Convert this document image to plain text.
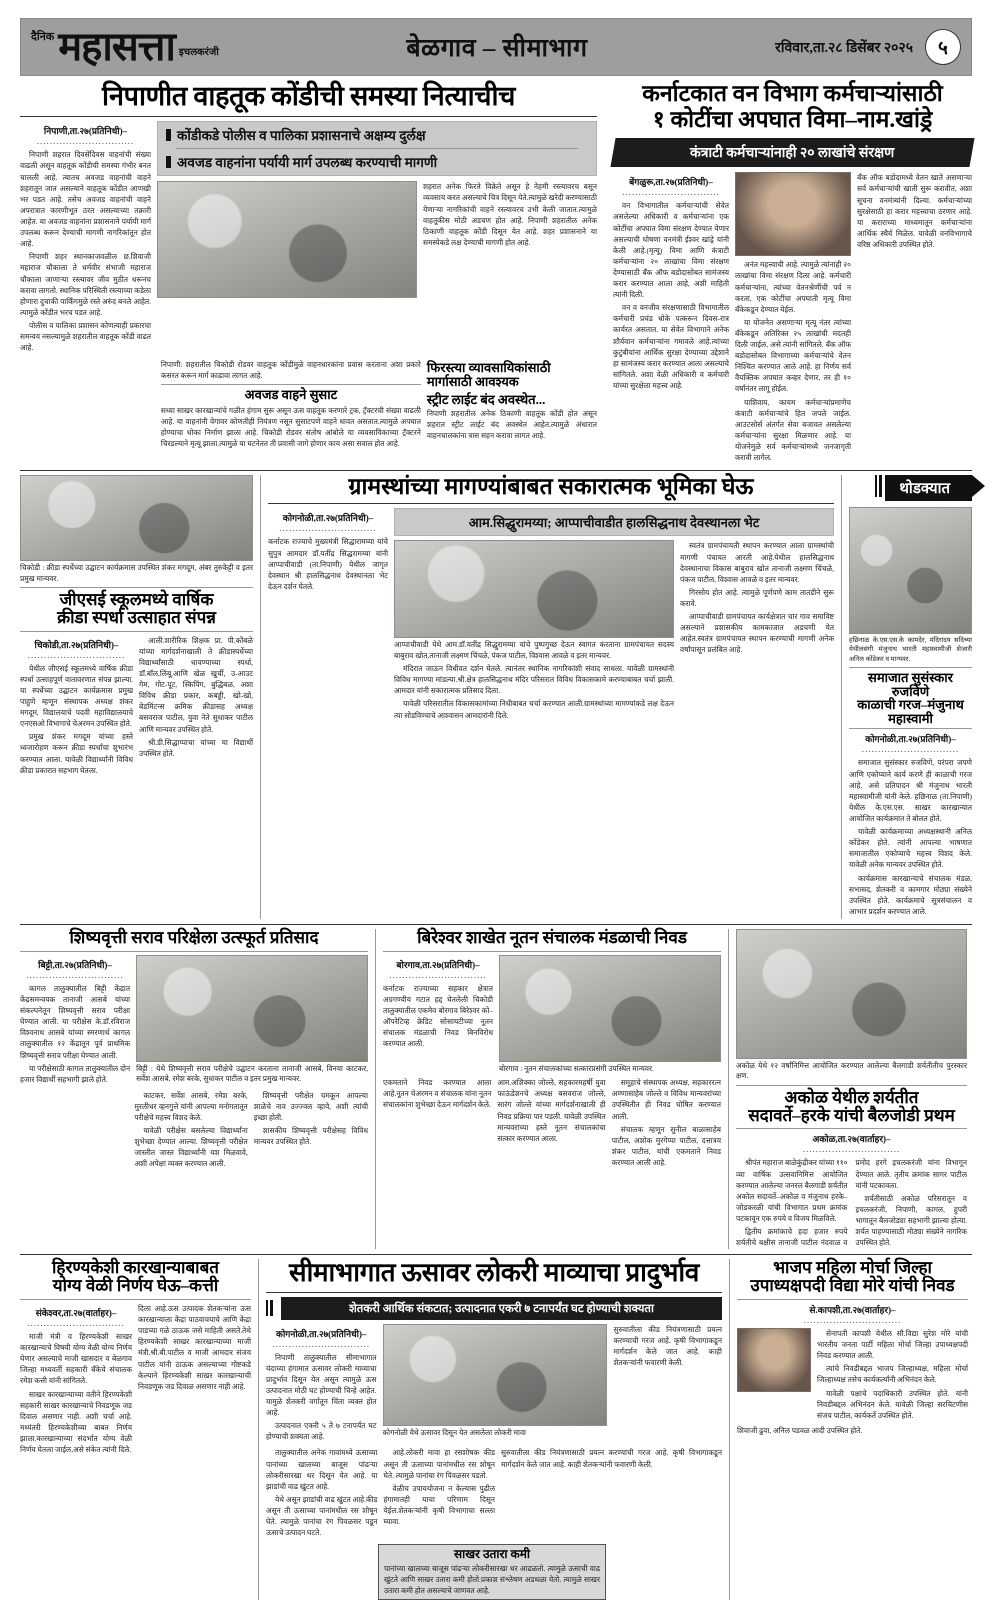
दैनिक महासत्ता इचलकरंजी	बेळगाव – सीमाभाग	रविवार,ता.२८ डिसेंबर २०२५	५
निपाणीत वाहतूक कोंडीची समस्या नित्याचीच
निपाणी,ता.२७(प्रतिनिधी)–
..............................

निपाणी शहरात दिवसेंदिवस वाहनांची संख्या वाढली असून वाहतूक कोंडीची समस्या गंभीर बनत चालली आहे. त्यातच अवजड वाहनांची वाहने शहरातून जात असल्याने वाहतूक कोंडीत आणखी भर पडत आहे. तसेच अवजड वाहनांची वाहने अपरात्रात कारणीभूत ठरत असल्याच्या तक्रारी आहेत. या अवजड वाहनांना प्रशासनाने पर्यायी मार्ग उपलब्ध करून देण्याची मागणी नागरिकांतून होत आहे.

निपाणी शहर स्थानकाजवळील छ.शिवाजी महाराज चौकाला ते धर्मवीर संभाजी महाराज चौकाला जाणाऱ्या रस्त्यावर जीव मुठीत धरूनच करावा लागतो. स्थानिक परिस्थिती रस्त्याच्या कडेला होणारा दुचाकी पार्किंगमुळे रस्ते अरुंद बनले आहेत. त्यामुळे कोंडीत भरच पडत आहे.

पोलीस व पालिका प्रशासन कोणत्याही प्रकारचा समन्वय नसल्यामुळे शहरातील वाहतूक कोंडी वाढत आहे.

कोंडीकडे पोलीस व पालिका प्रशासनाचे अक्षम्य दुर्लक्ष
अवजड वाहनांना पर्यायी मार्ग उपलब्ध करण्याची मागणी
शहरात अनेक फिरते विक्रेते असून हे नेहमी रस्त्यावरच बसून व्यवसाय करत असल्याचे चित्र दिसून येते.त्यामुळे खरेदी करण्यासाठी येणाऱ्या नागरिकांची वाहने रस्त्यावरच उभी केली जातात.त्यामुळे वाहतूकीस मोठी अडचण होत आहे. निपाणी शहरातील अनेक ठिकाणी वाहतूक कोंडी दिसून येत आहे. शहर प्रशासनाने या समस्येकडे लक्ष देण्याची मागणी होत आहे.
निपाणी: शहरातील चिकोडी रोडवर वाहतूक कोंडीमुळे वाहनधारकांना प्रवास करताना अशा प्रकारे कसरत करून मार्ग काढावा लागत आहे.
अवजड वाहने सुसाट
सध्या साखर कारखान्यांचे गळीत हंगाम सुरू असून ऊस वाहतूक करणारे ट्रक, ट्रॅक्टरची संख्या वाढली आहे. या वाहनांनी वेगावर कोणतीही नियंत्रण नसून सुसाटपणे वाहने धावत असतात.त्यामुळे अपघात होण्याचा धोका निर्माण झाला आहे. चिकोडी रोडवर संतोष आंबोले या व्यवसायिकाच्या ट्रॅक्टरने चिरडल्याने मृत्यू झाला.त्यामुळे या घटनेतत ती प्रवासी जागे होणार काय असा सवाल होत आहे.
फिरस्त्या व्यावसायिकांसाठी मार्गासाठी आवश्यक
स्ट्रीट लाईट बंद अवस्थेत...
निपाणी शहरातील अनेक ठिकाणी वाहतूक कोंडी होत असून शहरात स्ट्रीट लाईट बंद अवस्थेत आहेत.त्यामुळे अंधारात वाहनचालकांना त्रास सहन करावा लागत आहे.
कर्नाटकात वन विभाग कर्मचाऱ्यांसाठी
१ कोटींचा अपघात विमा–नाम.खांड्रे
कंत्राटी कर्मचाऱ्यांनाही २० लाखांचे संरक्षण
बेंगळुरू,ता.२७(प्रतिनिधी)–
..............................

वन विभागातील कर्मचाऱ्यांची सेवेत असलेल्या अधिकारी व कर्मचाऱ्यांना एक कोटींचा अपघात विमा संरक्षण देण्यात येणार असल्याची घोषणा वनमंत्री ईश्वर खांड्रे यांनी केली आहे.(मृत्यू) विमा आणि कंत्राटी कर्मचाऱ्यांना २० लाखांचा विमा संरक्षण देण्यासाठी बँक ऑफ बडोदासोबत सामंजस्य करार करण्यात आला आहे, अशी माहिती त्यांनी दिली.

वन व वनजीव संरक्षणासाठी विभागातील कर्मचारी प्रचंड धोके पत्करून दिवस-रात्र कार्यरत असतात. या सेवेत विभागाने अनेक शौर्यवान कर्मचाऱ्यांना गमावले आहे.त्यांच्या कुटुंबीयांना आर्थिक सुरक्षा देण्याच्या उद्देशाने हा सामंजस्य करार करण्यात आला असल्याचे सांगितले. अशा वेळी अधिकारी व कर्मचारी यांच्या सुरक्षेला महत्त्व आहे.

अनंत महत्त्वाची आहे. त्यामुळे त्यांनाही २० लाखांचा विमा संरक्षण दिला आहे. कर्मचारी कर्मचाऱ्यांना, त्यांच्या वेतनश्रेणींची पर्व न करता, एक कोटींचा अपघाती मृत्यू विमा बँकेकडून देण्यात येईल.

या योजनेत असणाऱ्या मृत्यू नंतर त्यांच्या बँकेकडून अतिरिक्त २५ लाखांची मदतही दिली जाईल, असे त्यांनी सांगितले. बँक ऑफ बडोदासोबत विभागाच्या कर्मचाऱ्यांचे वेतन निश्चित करण्यात आले आहे. हा निर्णय सर्व वैयक्तिक अपघात कव्हर देणार, तर ही १० वर्षांनंतर लागू होईल.

याशिवाय, कायम कर्मचाऱ्यांप्रमाणेच कंत्राटी कर्मचाऱ्यांचे हित जपले जाईल. आउटसोर्स अंतर्गत सेवा बजावत असलेल्या कर्मचाऱ्यांना सुरक्षा मिळणार आहे. या योजनेमुळे सर्व कर्मचाऱ्यांमध्ये जनजागृती करावी लागेल.

बँक ऑफ बडोदामध्ये वेतन खाते असणाऱ्या सर्व कर्मचाऱ्यांची खाती सुरू करावीत, अशा सूचना वनमंत्र्यांनी दिल्या. कर्मचाऱ्यांच्या सुरक्षेसाठी हा करार महत्त्वाचा ठरणार आहे. या कराराच्या माध्यमातून कर्मचाऱ्यांना आर्थिक स्थैर्य मिळेल. यावेळी वनविभागाचे वरिष्ठ अधिकारी उपस्थित होते.
चिकोडी : क्रीडा स्पर्धेच्या उद्घाटन कार्यक्रमास उपस्थित शंकर मगदूम, अंबर तुरुकेट्टी व इतर प्रमुख मान्यवर.
जीएसई स्कूलमध्ये वार्षिक
क्रीडा स्पर्धा उत्साहात संपन्न
चिकोडी,ता.२७(प्रतिनिधी)–
..............................

येथील जीएसई स्कूलमध्ये वार्षिक क्रीडा स्पर्धा उत्साहपूर्ण वातावरणात संपन्न झाल्या. या स्पर्धेच्या उद्घाटन कार्यक्रमास प्रमुख पाहुणे म्हणून संस्थापक अध्यक्ष शंकर मगदूम, विद्यालयाचे पदवी महाविद्यालयाचे एनएसओ विभागाचे चेअरमन उपस्थित होते.

प्रमुख शंकर मगदूम यांच्या हस्ते ध्वजारोहण करून क्रीडा स्पर्धांचा शुभारंभ करण्यात आला. यावेळी विद्यार्थ्यांनी विविध क्रीडा प्रकारात सहभाग घेतला.

आली.शारीरिक शिक्षक प्रा. पी.कोंबळे यांच्या मार्गदर्शनाखाली ते क्रीडास्पर्धेच्या विद्यार्थ्यांसाठी धावण्याच्या स्पर्धा, डॉ.बॉल,लिंबू,आणि खेळ खुर्ची, उ-आउट गेम, गोट-पूट, स्किपिंग, बुद्धिबळ, अशा विविध क्रीडा प्रकार, कबड्डी, खो-खो, बेडमिंटन्स क्रमिक क्रीडासह अध्यक्ष बसवराज पाटील, युवा नेते सुधाकर पाटील आणि मान्यवर उपस्थित होते.

श्री.डी.सिद्धाप्पाचा यांच्या या विद्यार्थी उपस्थित होते.

ग्रामस्थांच्या मागण्यांबाबत सकारात्मक भूमिका घेऊ
कोगनोळी,ता.२७(प्रतिनिधी)–
..............................
कर्नाटक राज्याचे मुख्यमंत्री सिद्धारामय्या यांचे सुपुत्र आमदार डॉ.यतींद्र सिद्धरामय्या यांनी आप्पाचीवाडी (ता.निपाणी) येथील जागृत देवस्थान श्री हालसिद्धनाथ देवस्थानला भेट देऊन दर्शन घेतले.
आम.सिद्धुरामय्या; आप्पाचीवाडीत हालसिद्धनाथ देवस्थानला भेट
आप्पाचीवाडी येथे आम.डॉ.यतींद्र सिद्धुरामय्या यांचे पुष्पगुच्छ देऊन स्वागत करताना ग्रामपंचायत सदस्य बाबुराव खोत,तानाजी लक्ष्मण चिंचळे, पंकज पाटील, विश्वास आवळे व इतर मान्यवर.

मंदिरात जाऊन विधीवत दर्शन घेतले. त्यानंतर स्थानिक नागरिकांशी संवाद साधला. यावेळी ग्रामस्थांनी विविध मागण्या मांडल्या.श्री.क्षेत्र हालसिद्धनाथ मंदिर परिसरात विविध विकासकामे करण्याबाबत चर्चा झाली. आमदार यांनी सकारात्मक प्रतिसाद दिला.

यावेळी परिसरातील विकासकामांच्या निधीबाबत चर्चा करण्यात आली.ग्रामस्थांच्या मागण्यांकडे लक्ष देऊन त्या सोडविण्याचे आश्वासन आमदारांनी दिले.

स्वतंत्र ग्रामपंचायती स्थापन करण्यात आला ग्रामस्थांची मागणी पंचायत आरती आहे.येथील हालसिद्धनाथ देवस्थानाचा विकास बाबुराव खोत तानाजी लक्ष्मण चिंचळे, पंकज पाटील, विश्वास आवळे व इतर मान्यवर.

गिरसोय होत आहे. त्यामुळे पूर्णपणे काम तातडीने सुरू करावे.

आप्पाचीवाडी ग्रामपंचायत कार्यक्षेत्रात चार गाव समाविष्ट असल्याने प्रशासकीय कामकाजात अडचणी येत आहेत.स्वतंत्र ग्रामपंचायत स्थापन करण्याची मागणी अनेक वर्षांपासून प्रलंबित आहे.

थोडक्यात
हछिनाळ के.एस.एस.के कामदेर, मंदिरादय सदिच्या येथीलसंगी मंजुनाथ भारती महास्वामीजी शेजारी अनिल कोंडेकर व मान्यवर.
समाजात सुसंस्कार रुजविणे
काळाची गरज–मंजुनाथ महास्वामी
कोगनोळी,ता.२७(प्रतिनिधी)–
..............................

समाजात सुसंस्कार रुजविणे, परंपरा जपणे आणि एकोप्याने कार्य करणे ही काळाची गरज आहे, असे प्रतिपादन श्री मंजुनाथ भारती महास्वामीजी यांनी केले. हछिनाळ (ता.निपाणी) येथील के.एस.एस. साखर कारखान्यात आयोजित कार्यक्रमात ते बोलत होते.

यावेळी कार्यक्रमाच्या अध्यक्षस्थानी अनिल कोंडेकर होते. त्यांनी आपल्या भाषणात समाजातील एकोप्याचे महत्त्व विशद केले. यावेळी अनेक मान्यवर उपस्थित होते.

कार्यक्रमास कारखान्याचे संचालक मंडळ, सभासद, शेतकरी व कामगार मोठ्या संख्येने उपस्थित होते. कार्यक्रमाचे सूत्रसंचालन व आभार प्रदर्शन करण्यात आले.

शिष्यवृत्ती सराव परिक्षेला उत्स्फूर्त प्रतिसाद
बिट्टी,ता.२७(प्रतिनिधी)–
..............................

कागल तालुक्यातील बिट्टी केंद्रात केंद्रसमन्वयक तानाजी आसबे यांच्या संकल्पनेतून शिष्यवृत्ती सराव परीक्षा घेण्यात आली. या परीक्षेस के.डॉ.रविराज विश्वनाथ आसबे यांच्या स्मरणार्थ कागल तालुक्यातील १२ केंद्रातून पूर्व प्राथमिक शिष्यवृत्ती सराव परीक्षा घेण्यात आली.

या परीक्षेसाठी कागल तालुक्यातील दोन हजार विद्यार्थी सहभागी झाले होते.

बिट्टी : येथे शिष्यवृत्ती सराव परीक्षेचे उद्घाटन करताना तानाजी आसबे, विनया काटकर, सर्वेश आसबे, रमेश बरके, सुधाकर पाटील व इतर प्रमुख मान्यवर.

काटकर, सर्वेश आसबे, रमेश बरके, मुरलीधर व्हनगुत्ते यांनी आपल्या मनोगतातून परीक्षेचे महत्त्व विशद केले.

यावेळी परीक्षेस बसलेल्या विद्यार्थ्यांना शुभेच्छा देण्यात आल्या. शिष्यवृत्ती परीक्षेत जास्तीत जास्त विद्यार्थ्यांनी यश मिळवावे, अशी अपेक्षा व्यक्त करण्यात आली.

शिष्यवृत्ती परीक्षेत चमकून आपल्या शाळेचे नाव उज्ज्वल व्हावे, अशी त्यांची इच्छा होती.

शासकीय शिष्यवृत्ती परीक्षेसह विविध मान्यवर उपस्थित होते.

बिरेश्वर शाखेत नूतन संचालक मंडळाची निवड
बोरगाव,ता.२७(प्रतिनिधी)–
..............................
कर्नाटक राज्याच्या सहकार क्षेत्रात अग्रगण्यीय गटात हद्द घेतलेली चिकोडी तालुक्यातील एकमेव बोरगाव बिरेश्वर को–ऑपरेटिव्ह क्रेडिट सोसायटीच्या नूतन संचालक मंडळाची निवड बिनविरोध करण्यात आली.
बोरगाव : नूतन संचालकांच्या सत्कारप्रसंगी उपस्थित मान्यवर.
एकमताने निवड करण्यात आला आहे.नूतन चेअरमन व संचालक यांना नूतन संचालकांना शुभेच्छा देऊन मार्गदर्शन केले.
आम.अशिक्का जोल्ले, सहकारमहर्षी युवा फाऊंडेशनचे अध्यक्ष बसवराज जोल्ले, सारंग जोल्ले यांच्या मार्गदर्शनाखाली ही निवड प्रक्रिया पार पडली. यावेळी उपस्थित मान्यवरांच्या हस्ते नूतन संचालकांचा सत्कार करण्यात आला.

समूहाचे संस्थापक अध्यक्ष, सहकाररत्न अण्णासाहेब जोल्ले व विविध मान्यवरांच्या उपस्थितीत ही निवड घोषित करण्यात आली.

संचालक म्हणून सुनील बाळासाहेब पाटील, अशोक मुरगेप्पा पाटील, दत्तात्रय शंकर पाटील, यांची एकमताने निवड करण्यात आली आहे.

अकोळ येथे १२ वर्षांनिमित्त आयोजित करण्यात आलेल्या बैलगाडी शर्यतीतीच पुरस्कार क्षण.
अकोळ येथील शर्यतीत
सदावर्ते–हरके यांची बैलजोडी प्रथम
अकोळ,ता.२७(वार्ताहर)–
..............................

श्रीपंत महाराज बाळेकुंद्रीकर यांच्या ११० व्या वार्षिक उत्सवानिमित्त आयोजित करण्यात आलेल्या जनरल बैलगाडी शर्यतीत अकोल सदावर्ते–अकोळ व मंजुनाथ हरके–जोडकरळी यांची विभागात प्रथम क्रमांक पटकावून एक रुपये व विजय मिळविले.

द्वितीय क्रमांकाचे हदा हजार रुपये शर्यतीचे बक्षीस तानाजी पाटील नंदवाळ व प्रमोद हरगे इचलकरंजी यांना विभागून देण्यात आले. तृतीय क्रमांक सागर पाटील यांनी पटकावला.

शर्यतीसाठी अकोळ परिसरातून व इचलकरंजी, निपाणी, कागल, हुपरी भागातून बैलजोड्या सहभागी झाल्या होत्या. शर्यत पाहण्यासाठी मोठ्या संख्येने नागरिक उपस्थित होते.

हिरण्यकेशी कारखान्याबाबत
योग्य वेळी निर्णय घेऊ–कत्ती
संकेश्वर,ता.२७(वार्ताहर)–
..............................

माजी मंत्री व हिरण्यकेशी साखर कारखान्याचे विषयी योग्य वेळी योग्य निर्णय घेणार असल्याचे माजी खासदार व बेळगाव जिल्हा मध्यवर्ती सहकारी बँकेचे संचालक रमेश कत्ती यांनी सांगितले.

साखर कारखान्याच्या वतीने हिरण्यकेशी सहकारी साखर कारखान्याचे निवडणूक जड दिवाल असणार नाही. अशी चर्चा आहे. मध्यंतरी हिरण्यकेशीच्या बाबत निर्णय झाला.कारखान्याच्या संदर्भात योग्य वेळी निर्णय घेतला जाईल,असे संकेत त्यांनी दिले.

दिला आहे.ऊस उत्पादक शेतकऱ्यांना ऊस कारखान्याला केंद्रा पाठवावयाचे आणि केंद्रा पाडच्या गळे ठाऊक जसे माहिती असते.तेथे हिरण्यकेशी साखर कारखान्याच्या माजी मंत्री.श्री.बी.पाटील व माजी आमदार संजय पाटील यांनी ठाऊक असल्याच्या गोष्टकडे केल्याने हिरण्यकेशी साखर कारखान्याची निवडणूक जड दिवाळ असणार नाही आहे.
सीमाभागात ऊसावर लोकरी माव्याचा प्रादुर्भाव
शेतकरी आर्थिक संकटात; उत्पादनात एकरी ७ टनापर्यंत घट होण्याची शक्यता
कोगनोळी,ता.२७(प्रतिनिधी)–
..............................

निपाणी तालुक्यातील सीमाभागात यंदाच्या हंगामात ऊसावर लोकरी माव्याचा प्रादुर्भाव दिसून येत असून त्यामुळे ऊस उत्पादनात मोठी घट होण्याची चिन्हे आहेत. यामुळे शेतकरी वर्गातून चिंता व्यक्त होत आहे.

उत्पादनात एकरी ५ ते ७ टनापर्यंत घट होण्याची शक्यता आहे.

कोगनोळी येथे ऊसावर दिसून येत असलेला लोकरी मावा
सुरुवातीला कीड नियंत्रणासाठी प्रयत्न करण्याची गरज आहे. कृषी विभागाकडून मार्गदर्शन केले जात आहे. काही शेतकऱ्यांनी फवारणी केली.

तालुक्यातील अनेक गावांमध्ये ऊसाच्या पानांच्या खालच्या बाजूस पांढऱ्या लोकरीसारखा थर दिसून येत आहे. या झाडांची वाढ खुंटत आहे.

येथे असून झाडांची वाढ खुंटत आहे.कीड असून ती ऊसाच्या पानांमधील रस शोषून घेते. त्यामुळे पानांचा रंग पिवळसर पडून ऊसाचे उत्पादन घटते.

आहे.लोकरी मावा हा रसशोषक कीड असून ती ऊसाच्या पानांमधील रस शोषून घेते. त्यामुळे पानांचा रंग पिवळसर पडतो.

वेळीच उपाययोजना न केल्यास पुढील हंगामातही याचा परिणाम दिसून येईल.शेतकऱ्यांनी कृषी विभागाचा सल्ला घ्यावा.

सुरुवातीला कीड नियंत्रणासाठी प्रयत्न करण्याची गरज आहे. कृषी विभागाकडून मार्गदर्शन केले जात आहे. काही शेतकऱ्यांनी फवारणी केली.
साखर उतारा कमी
पानांच्या खालच्या बाजूस पांढऱ्या लोकरीसारखा थर आढळतो. त्यामुळे ऊसाची वाढ खुंटते आणि साखर उतारा कमी होतो.प्रकाश संश्लेषण अडथळा येतो. त्यामुळे साखर उतारा कमी होत असल्याचे जाणवत आहे.
भाजप महिला मोर्चा जिल्हा
उपाध्यक्षपदी विद्या मोरे यांची निवड
से.कापशी,ता.२७(वार्ताहर)–
..............................

सेनापती कापशी येथील सौ.विद्या सुरेश मोरे यांची भारतीय जनता पार्टी महिला मोर्चा जिल्हा उपाध्यक्षपदी निवड करण्यात आली.

त्यांचे निवडीबद्दल भाजप जिल्हाध्यक्ष, महिला मोर्चा जिल्हाध्यक्ष तसेच कार्यकर्त्यांनी अभिनंदन केले.

यावेळी पक्षाचे पदाधिकारी उपस्थित होते. यांनी निवडीबद्दल अभिनंदन केले. यावेळी जिल्हा सरचिटणीस संजय पाटील, कार्यकर्ते उपस्थित होते.

शिवाजी ढुवा, अनिल पडवळ आदी उपस्थित होते.
